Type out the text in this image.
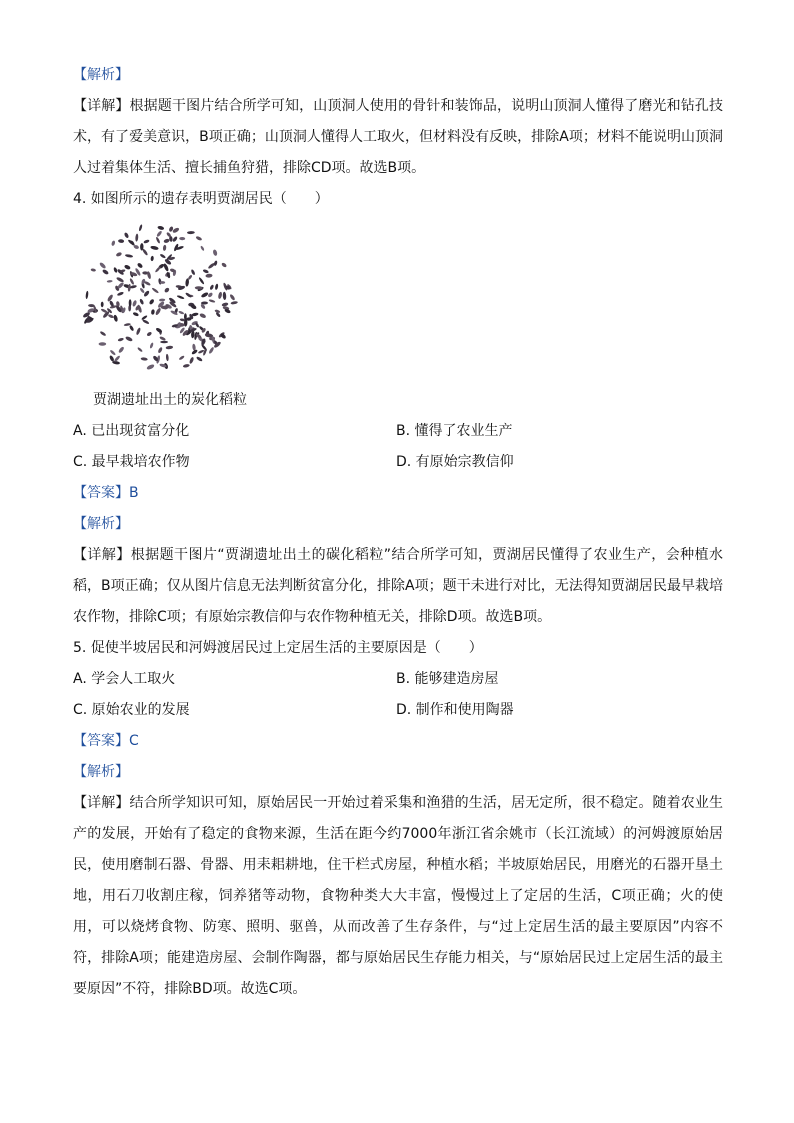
【解析】
【详解】根据题干图片结合所学可知，山顶洞人使用的骨针和装饰品，说明山顶洞人懂得了磨光和钻孔技术，有了爱美意识，B项正确；山顶洞人懂得人工取火，但材料没有反映，排除A项；材料不能说明山顶洞人过着集体生活、擅长捕鱼狩猎，排除CD项。故选B项。
4. 如图所示的遗存表明贾湖居民（　　）
贾湖遗址出土的炭化稻粒
A. 已出现贫富分化	B. 懂得了农业生产
C. 最早栽培农作物	D. 有原始宗教信仰
【答案】B
【解析】
【详解】根据题干图片“贾湖遗址出土的碳化稻粒”结合所学可知，贾湖居民懂得了农业生产，会种植水稻，B项正确；仅从图片信息无法判断贫富分化，排除A项；题干未进行对比，无法得知贾湖居民最早栽培农作物，排除C项；有原始宗教信仰与农作物种植无关，排除D项。故选B项。
5. 促使半坡居民和河姆渡居民过上定居生活的主要原因是（　　）
A. 学会人工取火	B. 能够建造房屋
C. 原始农业的发展	D. 制作和使用陶器
【答案】C
【解析】
【详解】结合所学知识可知，原始居民一开始过着采集和渔猎的生活，居无定所，很不稳定。随着农业生产的发展，开始有了稳定的食物来源，生活在距今约7000年浙江省余姚市（长江流域）的河姆渡原始居民，使用磨制石器、骨器、用耒耜耕地，住干栏式房屋，种植水稻；半坡原始居民，用磨光的石器开垦土地，用石刀收割庄稼，饲养猪等动物，食物种类大大丰富，慢慢过上了定居的生活，C项正确；火的使用，可以烧烤食物、防寒、照明、驱兽，从而改善了生存条件，与“过上定居生活的最主要原因”内容不符，排除A项；能建造房屋、会制作陶器，都与原始居民生存能力相关，与“原始居民过上定居生活的最主要原因”不符，排除BD项。故选C项。
